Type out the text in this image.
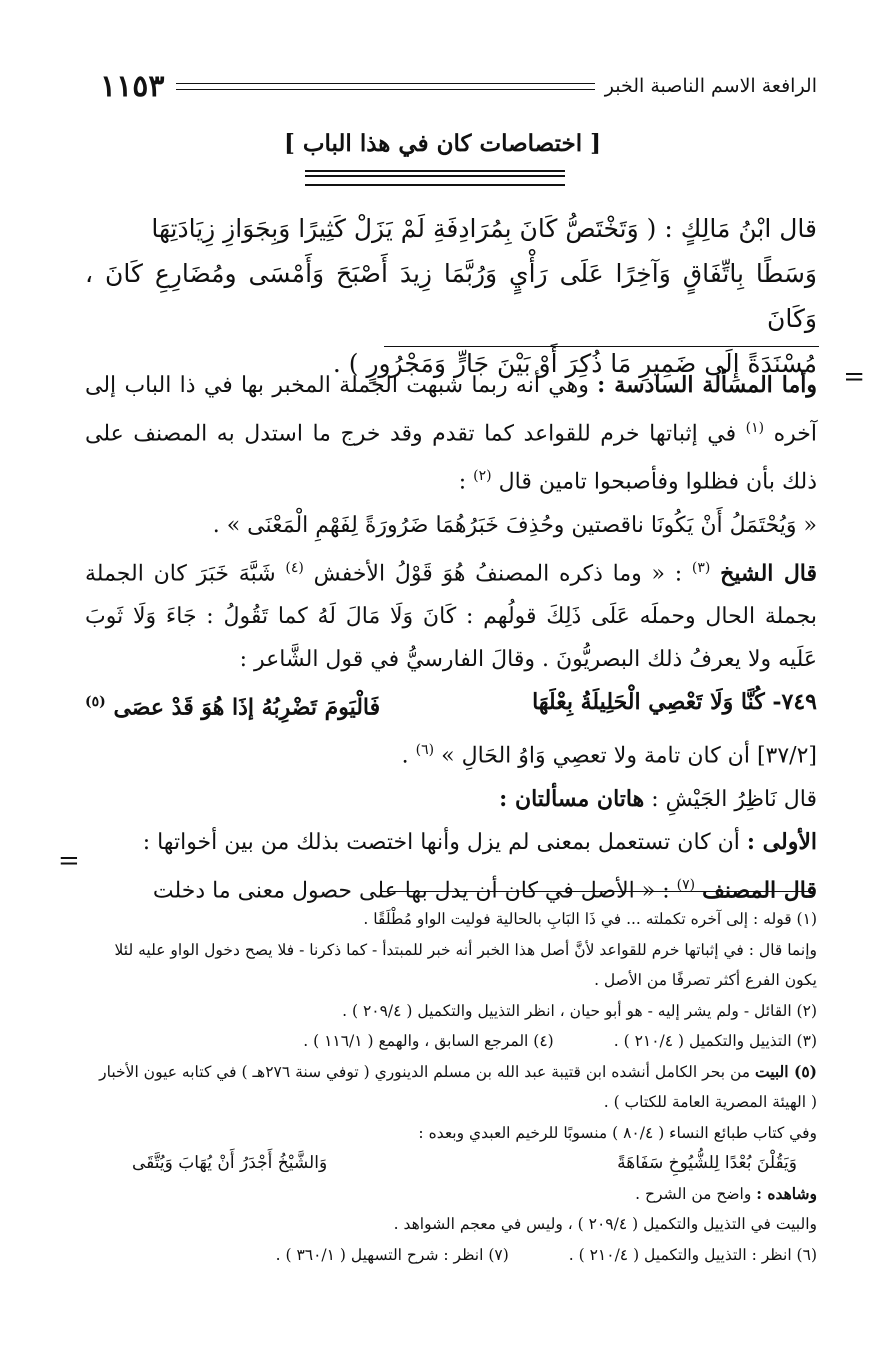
الرافعة الاسم الناصبة الخبر
١١٥٣
[ اختصاصات كان في هذا الباب ]

قال ابْنُ مَالِكٍ : ( وَتَخْتَصُّ كَانَ بِمُرَادِفَةِ لَمْ يَزَلْ كَثِيرًا وَبِجَوَازِ زِيَادَتِهَا

وَسَطًا بِاتِّفَاقٍ وَآخِرًا عَلَى رَأْيٍ وَرُبَّمَا زِيدَ أَصْبَحَ وَأَمْسَى ومُضَارِعِ كَانَ ، وَكَانَ

مُسْنَدَةً إِلَى ضَمِيرِ مَا ذُكِرَ أَوْ بَيْنَ جَارٍّ وَمَجْرُورٍ ) . =

وأما المسألة السادسة : وهي أنه ربما شبهت الجملة المخبر بها في ذا الباب إلى آخره $^{(١)}$ في إثباتها خرم للقواعد كما تقدم وقد خرج ما استدل به المصنف على ذلك بأن فظلوا وفأصبحوا تامين قال $^{(٢)}$ :

« وَيُحْتَمَلُ أَنْ يَكُونَا ناقصتين وحُذِفَ خَبَرُهُمَا ضَرُورَةً لِفَهْمِ الْمَعْنَى » .

قال الشيخ $^{(٣)}$ : « وما ذكره المصنفُ هُوَ قَوْلُ الأخفش $^{(٤)}$ شَبَّهَ خَبَرَ كان الجملة بجملة الحال وحملَه عَلَى ذَلِكَ قولُهم : كَانَ وَلَا مَالَ لَهُ كما تَقُولُ : جَاءَ وَلَا ثَوبَ عَلَيه ولا يعرفُ ذلك البصريُّونَ . وقالَ الفارسيُّ في قول الشَّاعر :

٧٤٩- كُنَّا وَلَا تَعْصِي الْحَلِيلَةُ بِعْلَهَا
فَالْيَومَ تَضْرِبُهُ إذَا هُوَ قَدْ عصَى $^{(٥)}$

[٣٧/٢] أن كان تامة ولا تعصِي وَاوُ الحَالِ » $^{(٦)}$ .

قال نَاظِرُ الجَيْشِ : هاتان مسألتان :

الأولى : أن كان تستعمل بمعنى لم يزل وأنها اختصت بذلك من بين أخواتها :

قال المصنف $^{(٧)}$ : « الأصل في كان أن يدل بها على حصول معنى ما دخلت

=

(١) قوله : إلى آخره تكملته ... في ذَا البَابِ بالحالية فوليت الواو مُطْلَقًا .

وإنما قال : في إثباتها خرم للقواعد لأنَّ أصل هذا الخبر أنه خبر للمبتدأ - كما ذكرنا - فلا يصح دخول الواو عليه لئلا يكون الفرع أكثر تصرفًا من الأصل .

(٢) القائل - ولم يشر إليه - هو أبو حيان ، انظر التذييل والتكميل ( ٢٠٩/٤ ) .

(٣) التذييل والتكميل ( ٢١٠/٤ ) .
(٤) المرجع السابق ، والهمع ( ١١٦/١ ) .

(٥) البيت من بحر الكامل أنشده ابن قتيبة عبد الله بن مسلم الدينوري ( توفي سنة ٢٧٦هـ ) في كتابه عيون الأخبار ( الهيئة المصرية العامة للكتاب ) .

وفي كتاب طبائع النساء ( ٨٠/٤ ) منسوبًا للرخيم العبدي وبعده :

وَيَقُلْنَ بُعْدًا لِلشُّيُوخِ سَفَاهَةً
وَالشَّيْخُ أَجْدَرُ أَنْ يُهَابَ وَيُتَّقَى

وشاهده : واضح من الشرح .

والبيت في التذييل والتكميل ( ٢٠٩/٤ ) ، وليس في معجم الشواهد .

(٦) انظر : التذييل والتكميل ( ٢١٠/٤ ) .
(٧) انظر : شرح التسهيل ( ٣٦٠/١ ) .
